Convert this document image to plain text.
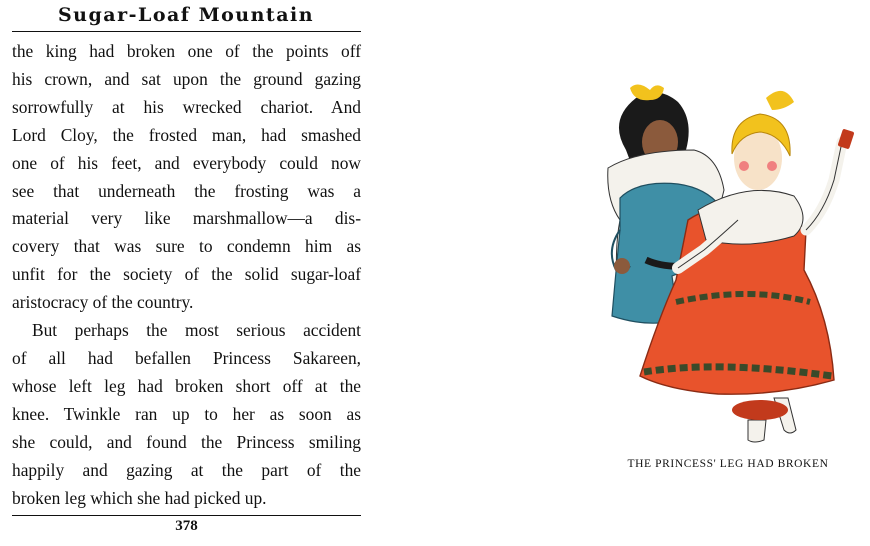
Sugar-Loaf Mountain
the king had broken one of the points off
his crown, and sat upon the ground gazing
sorrowfully at his wrecked chariot. And
Lord Cloy, the frosted man, had smashed
one of his feet, and everybody could now
see that underneath the frosting was a
material very like marshmallow—a dis-
covery that was sure to condemn him as
unfit for the society of the solid sugar-loaf
aristocracy of the country.
But perhaps the most serious accident
of all had befallen Princess Sakareen,
whose left leg had broken short off at the
knee. Twinkle ran up to her as soon as
she could, and found the Princess smiling
happily and gazing at the part of the
broken leg which she had picked up.
378
THE PRINCESS' LEG HAD BROKEN
